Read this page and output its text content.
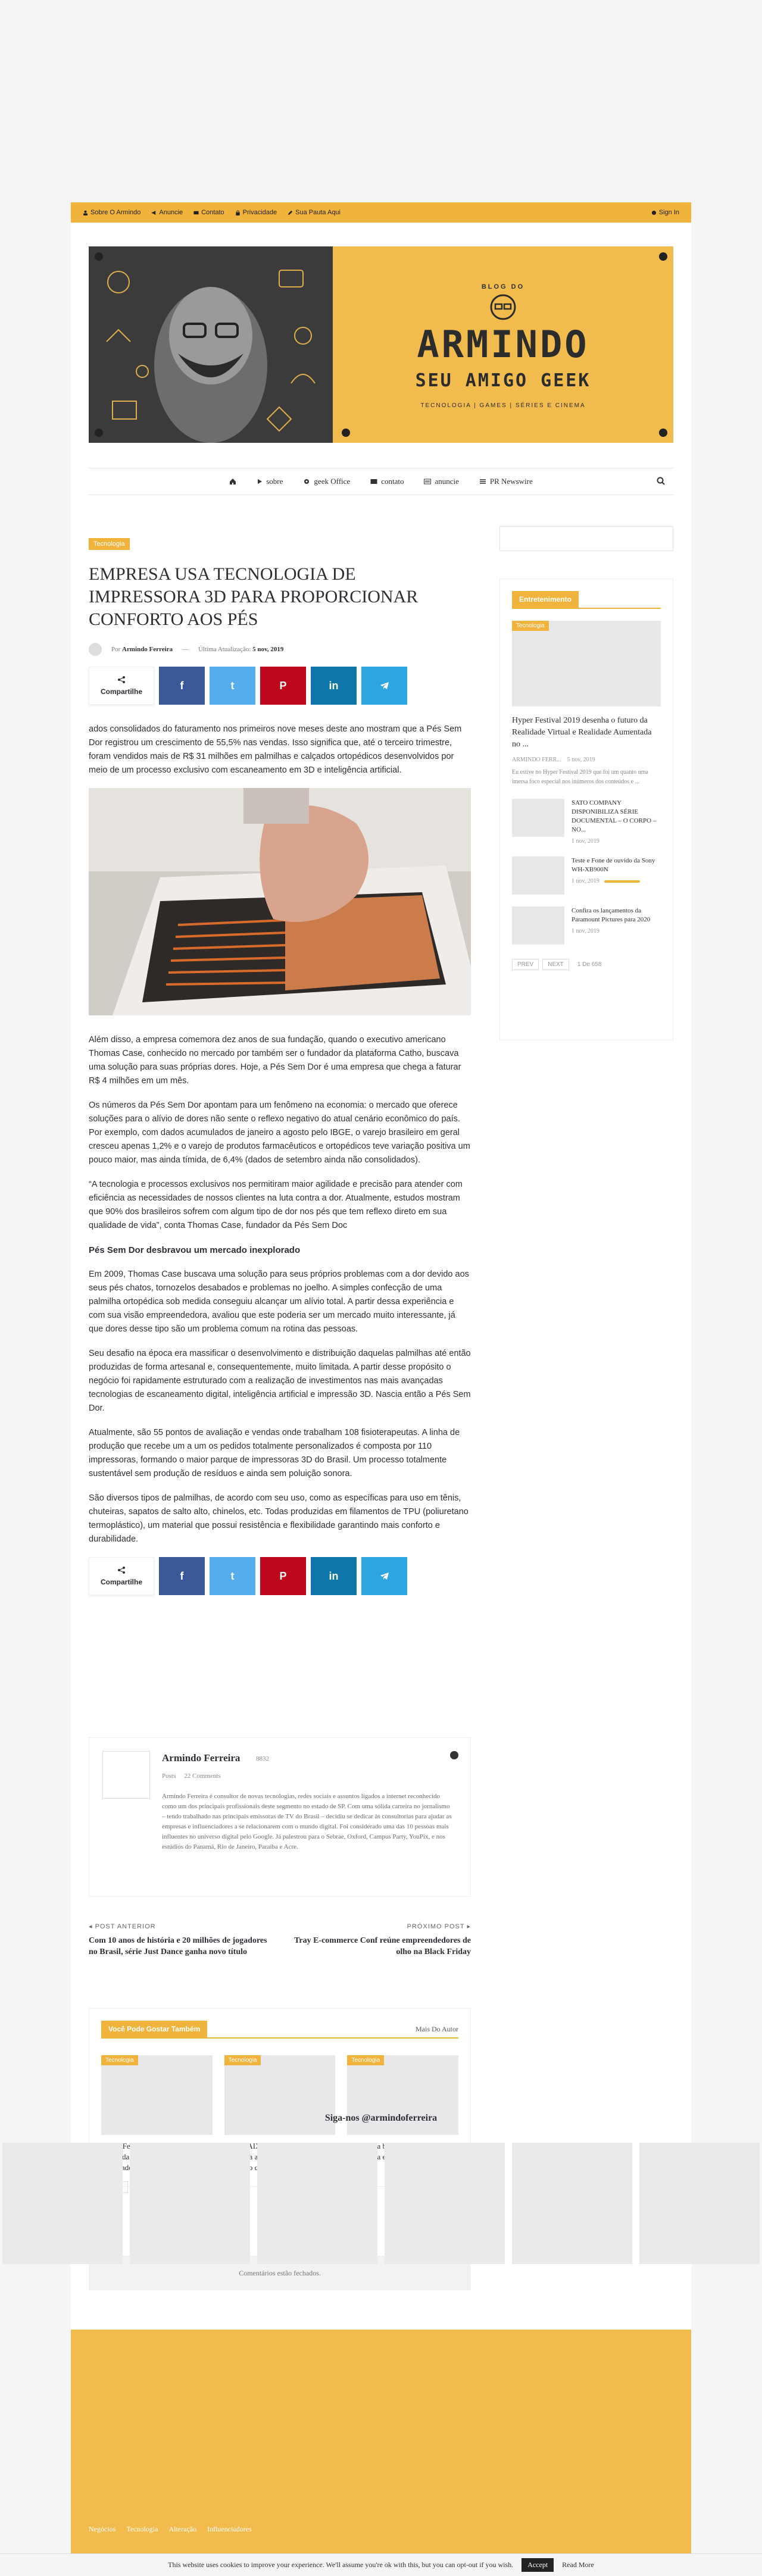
Sobre O Armindo	Anuncie	Contato	Privacidade	Sua Pauta Aqui	Sign In
BLOG DO
ARMINDO
SEU AMIGO GEEK
TECNOLOGIA | GAMES | SÉRIES E CINEMA
sobre	geek Office	contato	anuncie	PR Newswire
Tecnologia
EMPRESA USA TECNOLOGIA DE IMPRESSORA 3D PARA PROPORCIONAR CONFORTO AOS PÉS
Por Armindo Ferreira — Última Atualização: 5 nov, 2019
Compartilhe
f	t	P	in

ados consolidados do faturamento nos primeiros nove meses deste ano mostram que a Pés Sem Dor registrou um crescimento de 55,5% nas vendas. Isso significa que, até o terceiro trimestre, foram vendidos mais de R$ 31 milhões em palmilhas e calçados ortopédicos desenvolvidos por meio de um processo exclusivo com escaneamento em 3D e inteligência artificial.

Além disso, a empresa comemora dez anos de sua fundação, quando o executivo americano Thomas Case, conhecido no mercado por também ser o fundador da plataforma Catho, buscava uma solução para suas próprias dores. Hoje, a Pés Sem Dor é uma empresa que chega a faturar R$ 4 milhões em um mês.

Os números da Pés Sem Dor apontam para um fenômeno na economia: o mercado que oferece soluções para o alívio de dores não sente o reflexo negativo do atual cenário econômico do país. Por exemplo, com dados acumulados de janeiro a agosto pelo IBGE, o varejo brasileiro em geral cresceu apenas 1,2% e o varejo de produtos farmacêuticos e ortopédicos teve variação positiva um pouco maior, mas ainda tímida, de 6,4% (dados de setembro ainda não consolidados).

“A tecnologia e processos exclusivos nos permitiram maior agilidade e precisão para atender com eficiência as necessidades de nossos clientes na luta contra a dor. Atualmente, estudos mostram que 90% dos brasileiros sofrem com algum tipo de dor nos pés que tem reflexo direto em sua qualidade de vida”, conta Thomas Case, fundador da Pés Sem Doc

Pés Sem Dor desbravou um mercado inexplorado

Em 2009, Thomas Case buscava uma solução para seus próprios problemas com a dor devido aos seus pés chatos, tornozelos desabados e problemas no joelho. A simples confecção de uma palmilha ortopédica sob medida conseguiu alcançar um alívio total. A partir dessa experiência e com sua visão empreendedora, avaliou que este poderia ser um mercado muito interessante, já que dores desse tipo são um problema comum na rotina das pessoas.

Seu desafio na época era massificar o desenvolvimento e distribuição daquelas palmilhas até então produzidas de forma artesanal e, consequentemente, muito limitada. A partir desse propósito o negócio foi rapidamente estruturado com a realização de investimentos nas mais avançadas tecnologias de escaneamento digital, inteligência artificial e impressão 3D. Nascia então a Pés Sem Dor.

Atualmente, são 55 pontos de avaliação e vendas onde trabalham 108 fisioterapeutas. A linha de produção que recebe um a um os pedidos totalmente personalizados é composta por 110 impressoras, formando o maior parque de impressoras 3D do Brasil. Um processo totalmente sustentável sem produção de resíduos e ainda sem poluição sonora.

São diversos tipos de palmilhas, de acordo com seu uso, como as específicas para uso em tênis, chuteiras, sapatos de salto alto, chinelos, etc. Todas produzidas em filamentos de TPU (poliuretano termoplástico), um material que possui resistência e flexibilidade garantindo mais conforto e durabilidade.

Compartilhe
f	t	P	in
Armindo Ferreira 8832
Posts 22 Comments
Armindo Ferreira é consultor de novas tecnologias, redes sociais e assuntos ligados a internet reconhecido como um dos principais profissionais deste segmento no estado de SP. Com uma sólida carreira no jornalismo – tendo trabalhado nas principais emissoras de TV do Brasil – decidiu se dedicar às consultorias para ajudar as empresas e influenciadores a se relacionarem com o mundo digital. Foi considerado uma das 10 pessoas mais influentes no universo digital pelo Google. Já palestrou para o Sebrae, Oxford, Campus Party, YouPix, e nos estúdios do Panamá, Rio de Janeiro, Paraíba e Acre.
◂ POST ANTERIOR
Com 10 anos de história e 20 milhões de jogadores no Brasil, série Just Dance ganha novo título
PRÓXIMO POST ▸
Tray E-commerce Conf reúne empreendedores de olho na Black Friday
Você Pode Gostar Também	Mais Do Autor
Tecnologia
da
Tecnologia
CAIXA a
Tecnologia
Comentários estão fechados.
Entretenimento
Tecnologia
Hyper Festival 2019 desenha o futuro da Realidade Virtual e Realidade Aumentada no ...
ARMINDO FERR... 5 nov, 2019
Eu estive no Hyper Festival 2019 que foi um quanto uma imersa foco especial nos inúmeros dos conteúdos e ...
SATO COMPANY DISPONIBILIZA SÉRIE DOCUMENTAL – O CORPO – NO...
1 nov, 2019
Teste e Fone de ouvido da Sony WH-XB900N
1 nov, 2019
Confira os lançamentos da Paramount Pictures para 2020
1 nov, 2019
PREV	NEXT	1 De 658
Siga-nos @armindoferreira
Negócios Tecnologia Alteração Influenciadores
This website uses cookies to improve your experience. We'll assume you're ok with this, but you can opt-out if you wish.	Accept	Read More
